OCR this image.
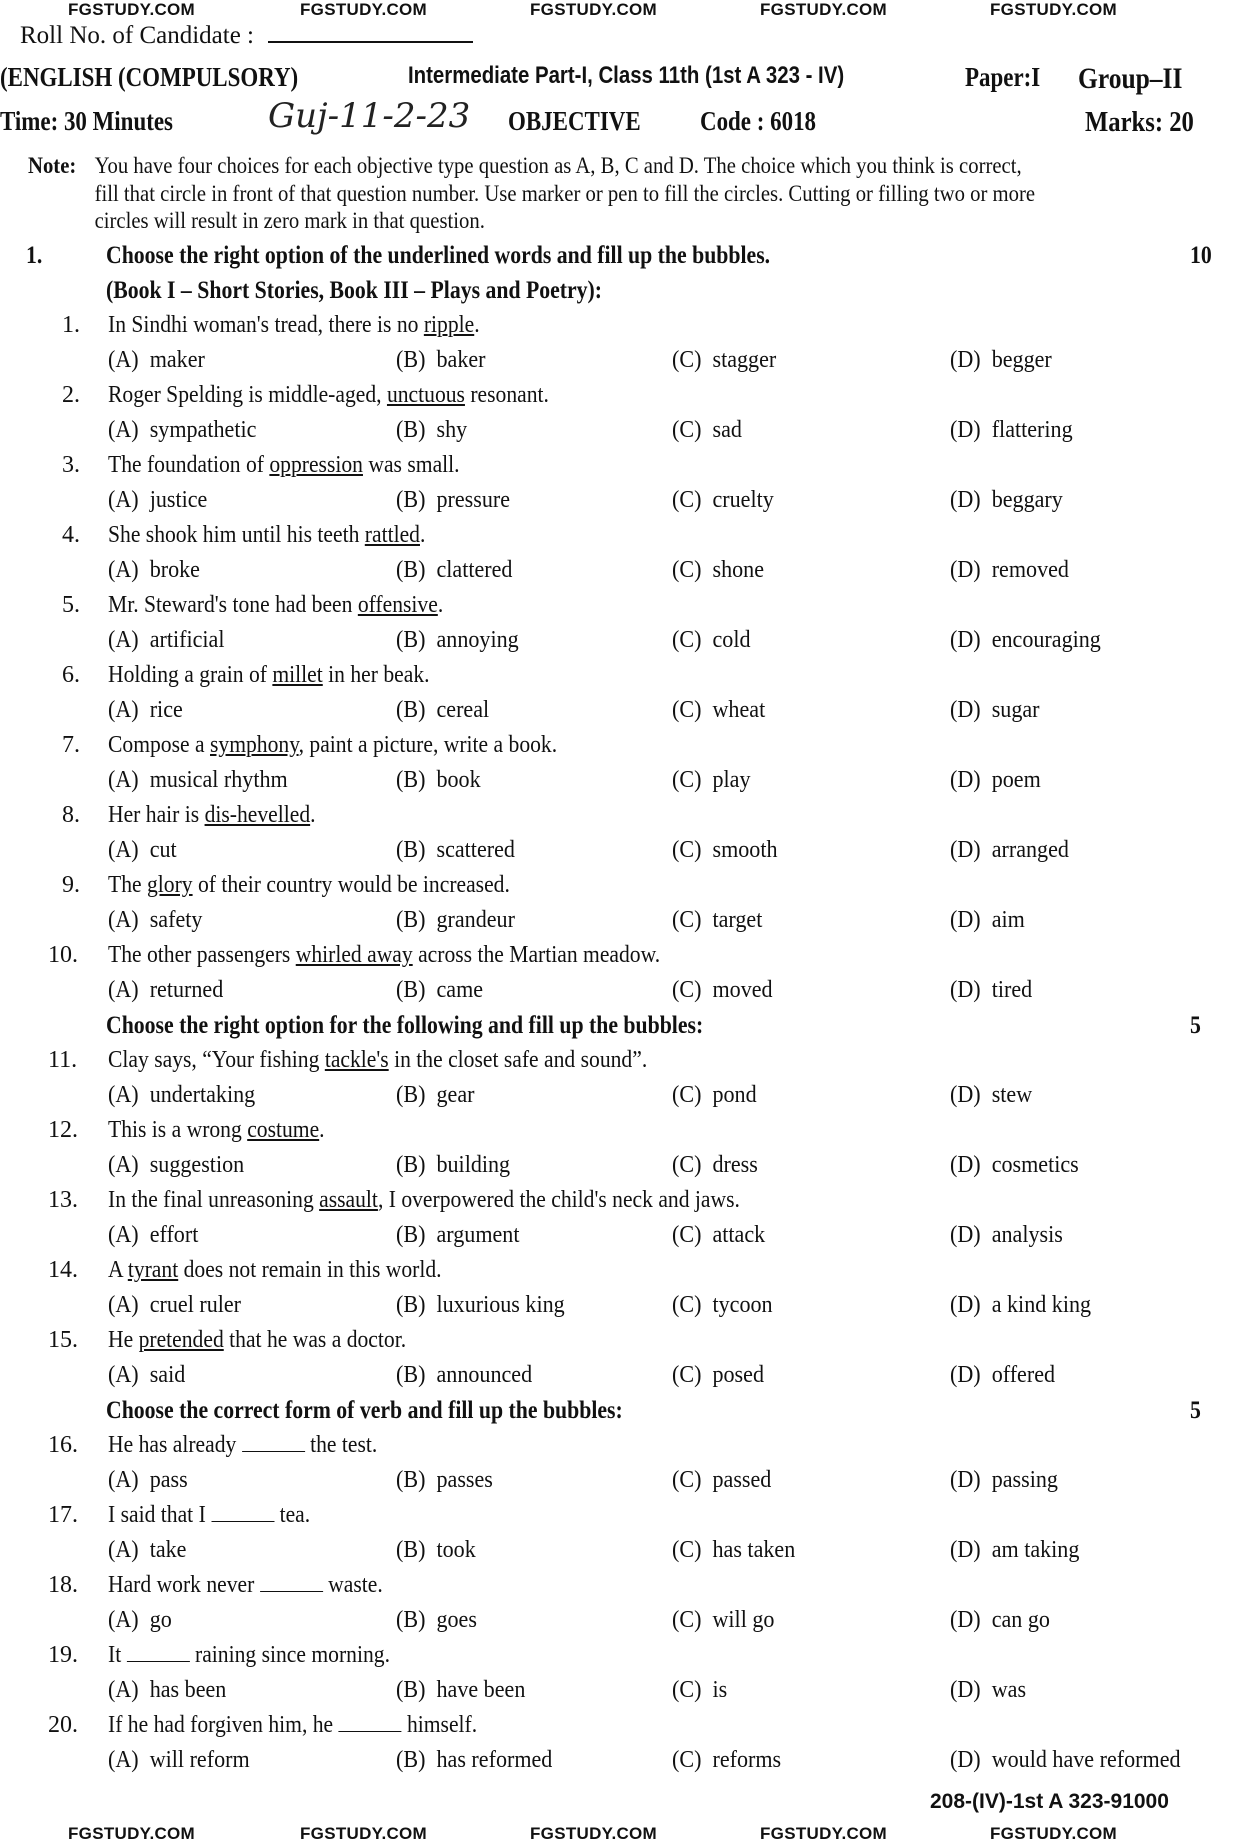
FGSTUDY.COM	FGSTUDY.COM	FGSTUDY.COM	FGSTUDY.COM	FGSTUDY.COM
Roll No. of Candidate :
(ENGLISH (COMPULSORY)	Intermediate Part-I, Class 11th (1st A 323 - IV)	Paper:I Group–II
Time: 30 Minutes	Guj-11-2-23 OBJECTIVE Code : 6018	Marks: 20
Note: You have four choices for each objective type question as A, B, C and D. The choice which you think is correct,
fill that circle in front of that question number. Use marker or pen to fill the circles. Cutting or filling two or more
circles will result in zero mark in that question.
1.	Choose the right option of the underlined words and fill up the bubbles.	10
(Book I – Short Stories, Book III – Plays and Poetry):
1. In Sindhi woman's tread, there is no ripple.
(A) maker	(B) baker	(C) stagger	(D) begger
2. Roger Spelding is middle-aged, unctuous resonant.
(A) sympathetic	(B) shy	(C) sad	(D) flattering
3. The foundation of oppression was small.
(A) justice	(B) pressure	(C) cruelty	(D) beggary
4. She shook him until his teeth rattled.
(A) broke	(B) clattered	(C) shone	(D) removed
5. Mr. Steward's tone had been offensive.
(A) artificial	(B) annoying	(C) cold	(D) encouraging
6. Holding a grain of millet in her beak.
(A) rice	(B) cereal	(C) wheat	(D) sugar
7. Compose a symphony, paint a picture, write a book.
(A) musical rhythm	(B) book	(C) play	(D) poem
8. Her hair is dis-hevelled.
(A) cut	(B) scattered	(C) smooth	(D) arranged
9. The glory of their country would be increased.
(A) safety	(B) grandeur	(C) target	(D) aim
10. The other passengers whirled away across the Martian meadow.
(A) returned	(B) came	(C) moved	(D) tired
Choose the right option for the following and fill up the bubbles:	5
11. Clay says, “Your fishing tackle's in the closet safe and sound”.
(A) undertaking	(B) gear	(C) pond	(D) stew
12. This is a wrong costume.
(A) suggestion	(B) building	(C) dress	(D) cosmetics
13. In the final unreasoning assault, I overpowered the child's neck and jaws.
(A) effort	(B) argument	(C) attack	(D) analysis
14. A tyrant does not remain in this world.
(A) cruel ruler	(B) luxurious king	(C) tycoon	(D) a kind king
15. He pretended that he was a doctor.
(A) said	(B) announced	(C) posed	(D) offered
Choose the correct form of verb and fill up the bubbles:	5
16. He has already	the test.
(A) pass	(B) passes	(C) passed	(D) passing
17. I said that I	tea.
(A) take	(B) took	(C) has taken	(D) am taking
18. Hard work never	waste.
(A) go	(B) goes	(C) will go	(D) can go
19. It	raining since morning.
(A) has been	(B) have been	(C) is	(D) was
20. If he had forgiven him, he	himself.
(A) will reform	(B) has reformed	(C) reforms	(D) would have reformed
208-(IV)-1st A 323-91000
FGSTUDY.COM	FGSTUDY.COM	FGSTUDY.COM	FGSTUDY.COM	FGSTUDY.COM
